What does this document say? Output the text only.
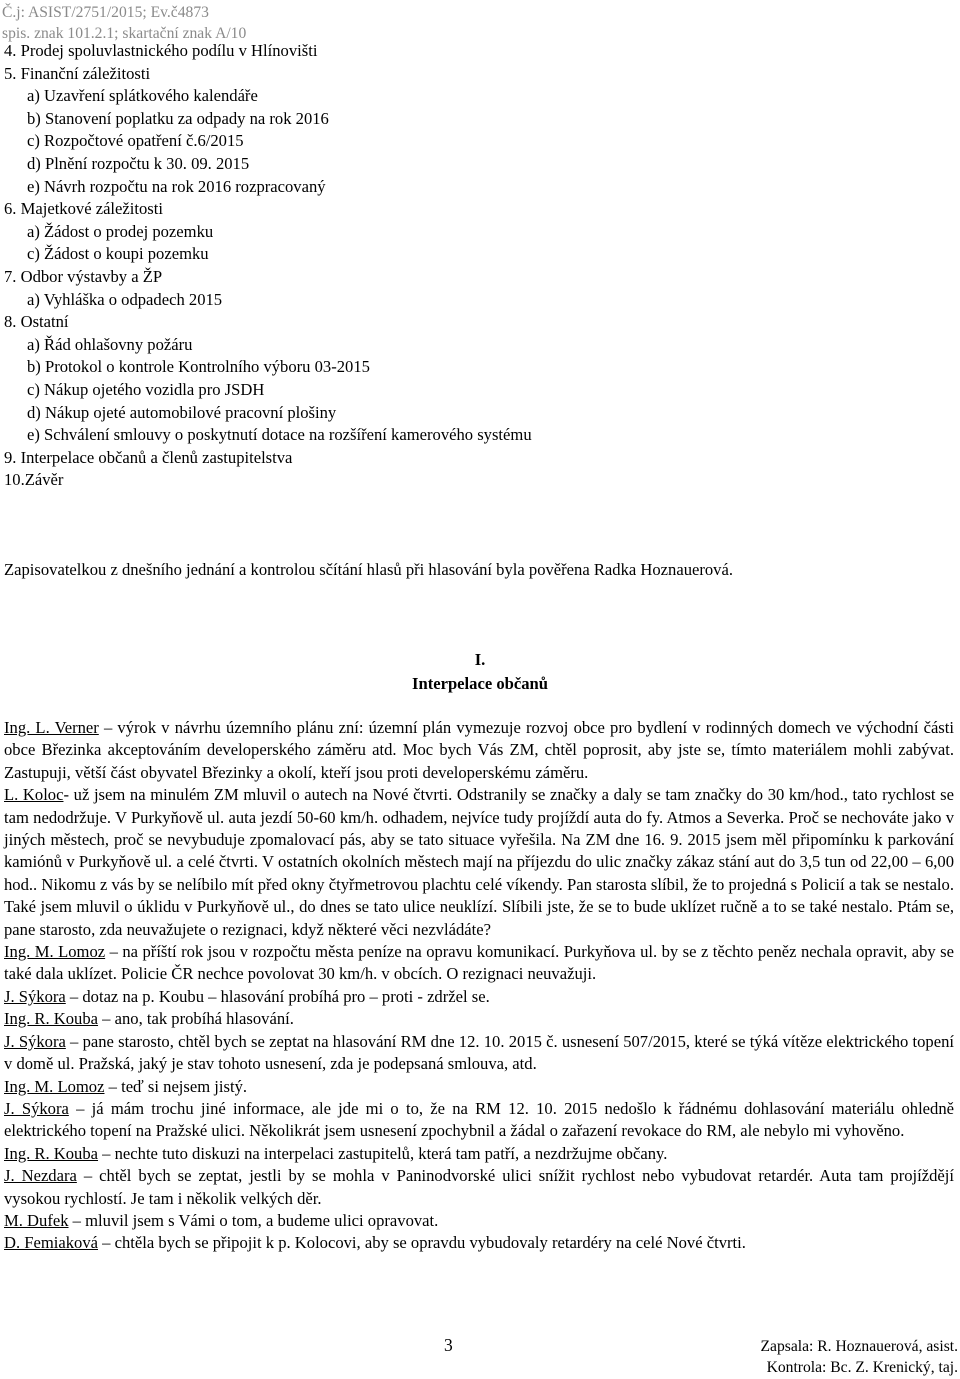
Č.j: ASIST/2751/2015; Ev.č4873
spis. znak 101.2.1; skartační znak A/10
4. Prodej spoluvlastnického podílu v Hlínovišti
5. Finanční záležitosti
a) Uzavření splátkového kalendáře
b) Stanovení poplatku za odpady na rok 2016
c) Rozpočtové opatření č.6/2015
d) Plnění rozpočtu k 30. 09. 2015
e) Návrh rozpočtu na rok 2016 rozpracovaný
6. Majetkové záležitosti
a) Žádost o prodej pozemku
c) Žádost o koupi pozemku
7. Odbor výstavby a ŽP
a) Vyhláška o odpadech 2015
8. Ostatní
a) Řád ohlašovny požáru
b) Protokol o kontrole Kontrolního výboru 03-2015
c) Nákup ojetého vozidla pro JSDH
d) Nákup ojeté automobilové pracovní plošiny
e) Schválení smlouvy o poskytnutí dotace na rozšíření kamerového systému
9. Interpelace občanů a členů zastupitelstva
10.Závěr
Zapisovatelkou z dnešního jednání a kontrolou sčítání hlasů při hlasování byla pověřena Radka Hoznauerová.
I.
Interpelace občanů

Ing. L. Verner – výrok v návrhu územního plánu zní: územní plán vymezuje rozvoj obce pro bydlení v rodinných domech ve východní části obce Březinka akceptováním developerského záměru atd. Moc bych Vás ZM, chtěl poprosit, aby jste se, tímto materiálem mohli zabývat. Zastupuji, větší část obyvatel Březinky a okolí, kteří jsou proti developerskému záměru.

L. Koloc- už jsem na minulém ZM mluvil o autech na Nové čtvrti. Odstranily se značky a daly se tam značky do 30 km/hod., tato rychlost se tam nedodržuje. V Purkyňově ul. auta jezdí 50-60 km/h. odhadem, nejvíce tudy projíždí auta do fy. Atmos a Severka. Proč se nechováte jako v jiných městech, proč se nevybuduje zpomalovací pás, aby se tato situace vyřešila. Na ZM dne 16. 9. 2015 jsem měl připomínku k parkování kamiónů v Purkyňově ul. a celé čtvrti. V ostatních okolních městech mají na příjezdu do ulic značky zákaz stání aut do 3,5 tun od 22,00 – 6,00 hod.. Nikomu z vás by se nelíbilo mít před okny čtyřmetrovou plachtu celé víkendy. Pan starosta slíbil, že to projedná s Policií a tak se nestalo. Také jsem mluvil o úklidu v Purkyňově ul., do dnes se tato ulice neuklízí. Slíbili jste, že se to bude uklízet ručně a to se také nestalo. Ptám se, pane starosto, zda neuvažujete o rezignaci, když některé věci nezvládáte?

Ing. M. Lomoz – na příští rok jsou v rozpočtu města peníze na opravu komunikací. Purkyňova ul. by se z těchto peněz nechala opravit, aby se také dala uklízet. Policie ČR nechce povolovat 30 km/h. v obcích. O rezignaci neuvažuji.

J. Sýkora – dotaz na p. Koubu – hlasování probíhá pro – proti - zdržel se.

Ing. R. Kouba – ano, tak probíhá hlasování.

J. Sýkora – pane starosto, chtěl bych se zeptat na hlasování RM dne 12. 10. 2015 č. usnesení 507/2015, které se týká vítěze elektrického topení v domě ul. Pražská, jaký je stav tohoto usnesení, zda je podepsaná smlouva, atd.

Ing. M. Lomoz – teď si nejsem jistý.

J. Sýkora – já mám trochu jiné informace, ale jde mi o to, že na RM 12. 10. 2015 nedošlo k řádnému dohlasování materiálu ohledně elektrického topení na Pražské ulici. Několikrát jsem usnesení zpochybnil a žádal o zařazení revokace do RM, ale nebylo mi vyhověno.

Ing. R. Kouba – nechte tuto diskuzi na interpelaci zastupitelů, která tam patří, a nezdržujme občany.

J. Nezdara – chtěl bych se zeptat, jestli by se mohla v Paninodvorské ulici snížit rychlost nebo vybudovat retardér. Auta tam projíždějí vysokou rychlostí. Je tam i několik velkých děr.

M. Dufek – mluvil jsem s Vámi o tom, a budeme ulici opravovat.

D. Femiaková – chtěla bych se připojit k p. Kolocovi, aby se opravdu vybudovaly retardéry na celé Nové čtvrti.

3	Zapsala: R. Hoznauerová, asist.
Kontrola: Bc. Z. Krenický, taj.
